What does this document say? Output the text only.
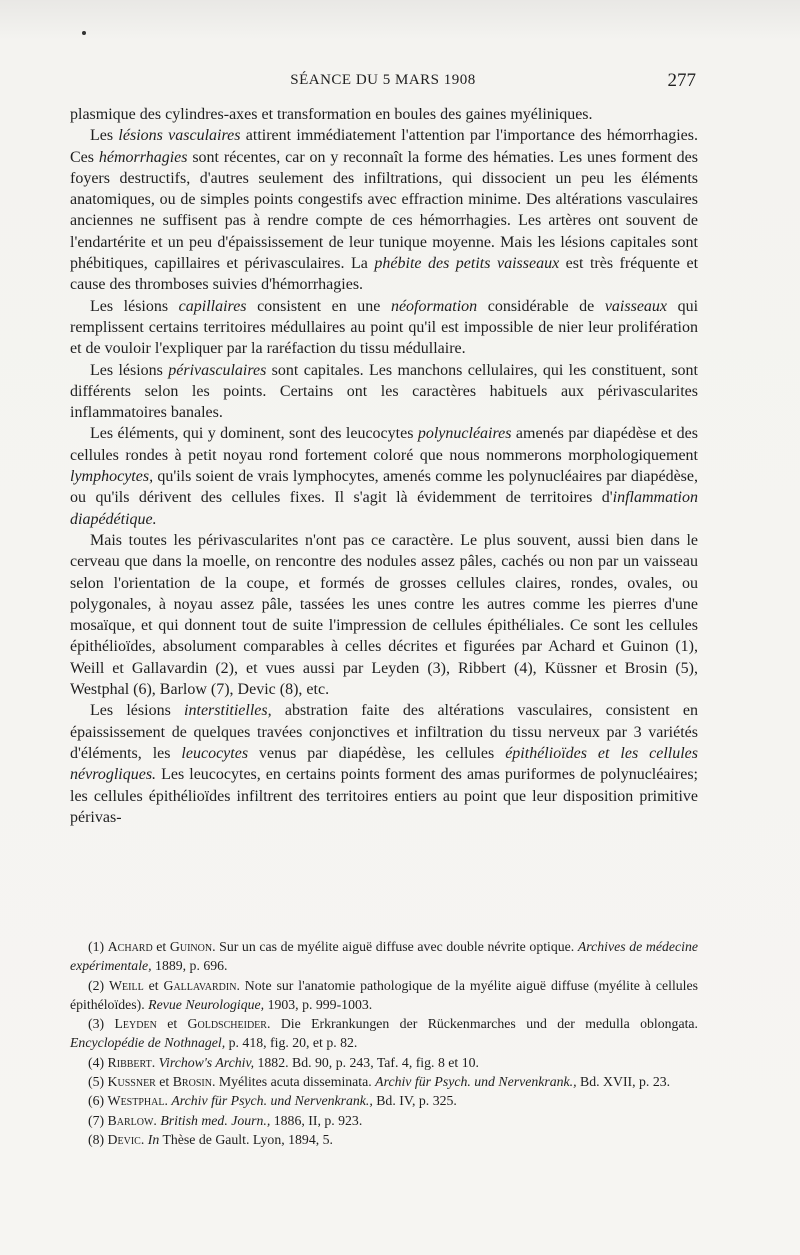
SÉANCE DU 5 MARS 1908	277

plasmique des cylindres-axes et transformation en boules des gaines myéliniques.

Les lésions vasculaires attirent immédiatement l'attention par l'importance des hémorrhagies. Ces hémorrhagies sont récentes, car on y reconnaît la forme des hématies. Les unes forment des foyers destructifs, d'autres seulement des infiltrations, qui dissocient un peu les éléments anatomiques, ou de simples points congestifs avec effraction minime. Des altérations vasculaires anciennes ne suffisent pas à rendre compte de ces hémorrhagies. Les artères ont souvent de l'endartérite et un peu d'épaississement de leur tunique moyenne. Mais les lésions capitales sont phébitiques, capillaires et périvasculaires. La phébite des petits vaisseaux est très fréquente et cause des thromboses suivies d'hémorrhagies.

Les lésions capillaires consistent en une néoformation considérable de vaisseaux qui remplissent certains territoires médullaires au point qu'il est impossible de nier leur prolifération et de vouloir l'expliquer par la raréfaction du tissu médullaire.

Les lésions périvasculaires sont capitales. Les manchons cellulaires, qui les constituent, sont différents selon les points. Certains ont les caractères habituels aux périvascularites inflammatoires banales.

Les éléments, qui y dominent, sont des leucocytes polynucléaires amenés par diapédèse et des cellules rondes à petit noyau rond fortement coloré que nous nommerons morphologiquement lymphocytes, qu'ils soient de vrais lymphocytes, amenés comme les polynucléaires par diapédèse, ou qu'ils dérivent des cellules fixes. Il s'agit là évidemment de territoires d'inflammation diapédétique.

Mais toutes les périvascularites n'ont pas ce caractère. Le plus souvent, aussi bien dans le cerveau que dans la moelle, on rencontre des nodules assez pâles, cachés ou non par un vaisseau selon l'orientation de la coupe, et formés de grosses cellules claires, rondes, ovales, ou polygonales, à noyau assez pâle, tassées les unes contre les autres comme les pierres d'une mosaïque, et qui donnent tout de suite l'impression de cellules épithéliales. Ce sont les cellules épithélioïdes, absolument comparables à celles décrites et figurées par Achard et Guinon (1), Weill et Gallavardin (2), et vues aussi par Leyden (3), Ribbert (4), Küssner et Brosin (5), Westphal (6), Barlow (7), Devic (8), etc.

Les lésions interstitielles, abstration faite des altérations vasculaires, consistent en épaississement de quelques travées conjonctives et infiltration du tissu nerveux par 3 variétés d'éléments, les leucocytes venus par diapédèse, les cellules épithélioïdes et les cellules névrogliques. Les leucocytes, en certains points forment des amas puriformes de polynucléaires; les cellules épithélioïdes infiltrent des territoires entiers au point que leur disposition primitive périvas-

(1) Achard et Guinon. Sur un cas de myélite aiguë diffuse avec double névrite optique. Archives de médecine expérimentale, 1889, p. 696.

(2) Weill et Gallavardin. Note sur l'anatomie pathologique de la myélite aiguë diffuse (myélite à cellules épithéloïdes). Revue Neurologique, 1903, p. 999-1003.

(3) Leyden et Goldscheider. Die Erkrankungen der Rückenmarches und der medulla oblongata. Encyclopédie de Nothnagel, p. 418, fig. 20, et p. 82.

(4) Ribbert. Virchow's Archiv, 1882. Bd. 90, p. 243, Taf. 4, fig. 8 et 10.

(5) Kussner et Brosin. Myélites acuta disseminata. Archiv für Psych. und Nervenkrank., Bd. XVII, p. 23.

(6) Westphal. Archiv für Psych. und Nervenkrank., Bd. IV, p. 325.

(7) Barlow. British med. Journ., 1886, II, p. 923.

(8) Devic. In Thèse de Gault. Lyon, 1894, 5.
